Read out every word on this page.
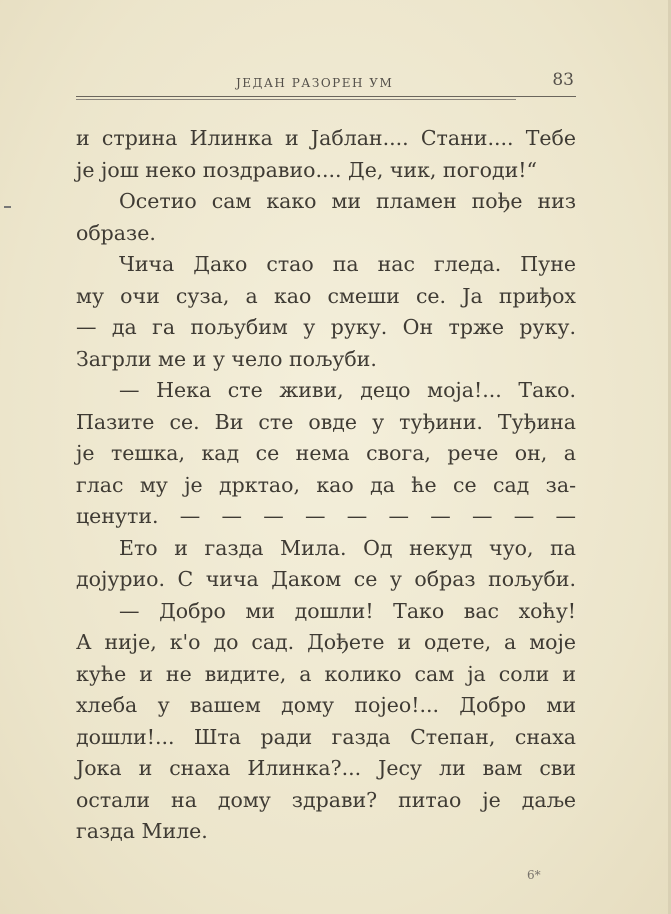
ЈЕДАН РАЗОРЕН УМ	83
и стрина Илинка и Јаблан.... Стани.... Тебе
је још неко поздравио.... Де, чик, погоди!“
Осетио сам како ми пламен пође низ
образе.
Чича Дако стао па нас гледа. Пуне
му очи суза, а као смеши се. Ја приђох
— да га пољубим у руку. Он трже руку.
Загрли ме и у чело пољуби.
— Нека сте живи, децо моја!... Тако.
Пазите се. Ви сте овде у туђини. Туђина
је тешка, кад се нема свога, рече он, а
глас му је дрктао, као да ће се сад за-
ценути. — — — — — — — — — —
Ето и газда Мила. Од некуд чуо, па
дојурио. С чича Даком се у образ пољуби.
— Добро ми дошли! Тако вас хоћу!
А није, к'о до сад. Дођете и одете, а моје
куће и не видите, а колико сам ја соли и
хлеба у вашем дому појео!... Добро ми
дошли!... Шта ради газда Степан, снаха
Јока и снаха Илинка?... Јесу ли вам сви
остали на дому здрави? питао је даље
газда Миле.
6*
